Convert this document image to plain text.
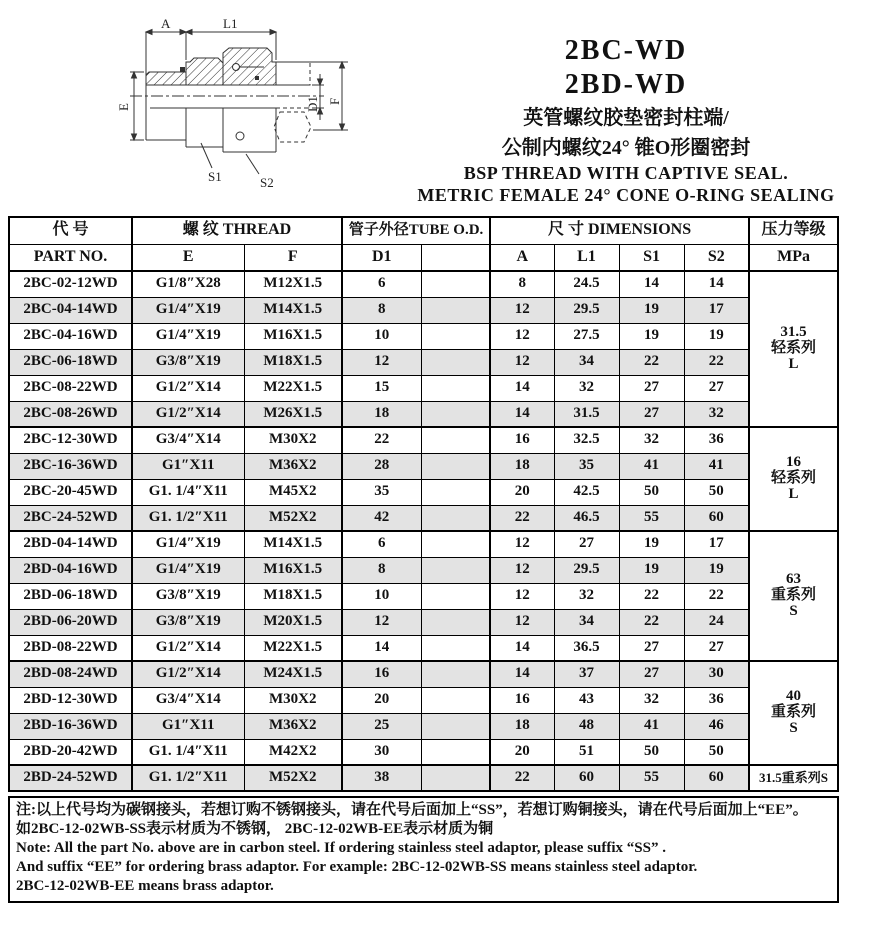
A	L1
E	D1 F
S1	S2
2BC-WD
2BD-WD
英管螺纹胶垫密封柱端/
公制内螺纹24° 锥O形圈密封
BSP THREAD WITH CAPTIVE SEAL.
METRIC FEMALE 24° CONE O-RING SEALING
代 号	螺 纹 THREAD		管子外径TUBE O.D.		尺 寸 DIMENSIONS				压力等级
PART NO.	E	F	D1		A	L1	S1	S2	MPa
2BC-02-12WD	G1/8″X28	M12X1.5	6		8	24.5	14	14	31.5
轻系列
L

2BC-04-14WD	G1/4″X19	M14X1.5	8		12	29.5	19	17	
2BC-04-16WD	G1/4″X19	M16X1.5	10		12	27.5	19	19	
2BC-06-18WD	G3/8″X19	M18X1.5	12		12	34	22	22	
2BC-08-22WD	G1/2″X14	M22X1.5	15		14	32	27	27	
2BC-08-26WD	G1/2″X14	M26X1.5	18		14	31.5	27	32	
2BC-12-30WD	G3/4″X14	M30X2	22		16	32.5	32	36	16
轻系列
L

2BC-16-36WD	G1″X11	M36X2	28		18	35	41	41	
2BC-20-45WD	G1. 1/4″X11	M45X2	35		20	42.5	50	50	
2BC-24-52WD	G1. 1/2″X11	M52X2	42		22	46.5	55	60	
2BD-04-14WD	G1/4″X19	M14X1.5	6		12	27	19	17	63
重系列
S

2BD-04-16WD	G1/4″X19	M16X1.5	8		12	29.5	19	19	
2BD-06-18WD	G3/8″X19	M18X1.5	10		12	32	22	22	
2BD-06-20WD	G3/8″X19	M20X1.5	12		12	34	22	24	
2BD-08-22WD	G1/2″X14	M22X1.5	14		14	36.5	27	27	
2BD-08-24WD	G1/2″X14	M24X1.5	16		14	37	27	30	40
重系列
S

2BD-12-30WD	G3/4″X14	M30X2	20		16	43	32	36	
2BD-16-36WD	G1″X11	M36X2	25		18	48	41	46	
2BD-20-42WD	G1. 1/4″X11	M42X2	30		20	51	50	50	
2BD-24-52WD	G1. 1/2″X11	M52X2	38		22	60	55	60	31.5重系列S
注:以上代号均为碳钢接头，若想订购不锈钢接头，请在代号后面加上“SS”，若想订购铜接头，请在代号后面加上“EE”。
如2BC-12-02WB-SS表示材质为不锈钢， 2BC-12-02WB-EE表示材质为铜
Note: All the part No. above are in carbon steel. If ordering stainless steel adaptor, please suffix “SS” .
And suffix “EE” for ordering brass adaptor. For example: 2BC-12-02WB-SS means stainless steel adaptor.
2BC-12-02WB-EE means brass adaptor.
